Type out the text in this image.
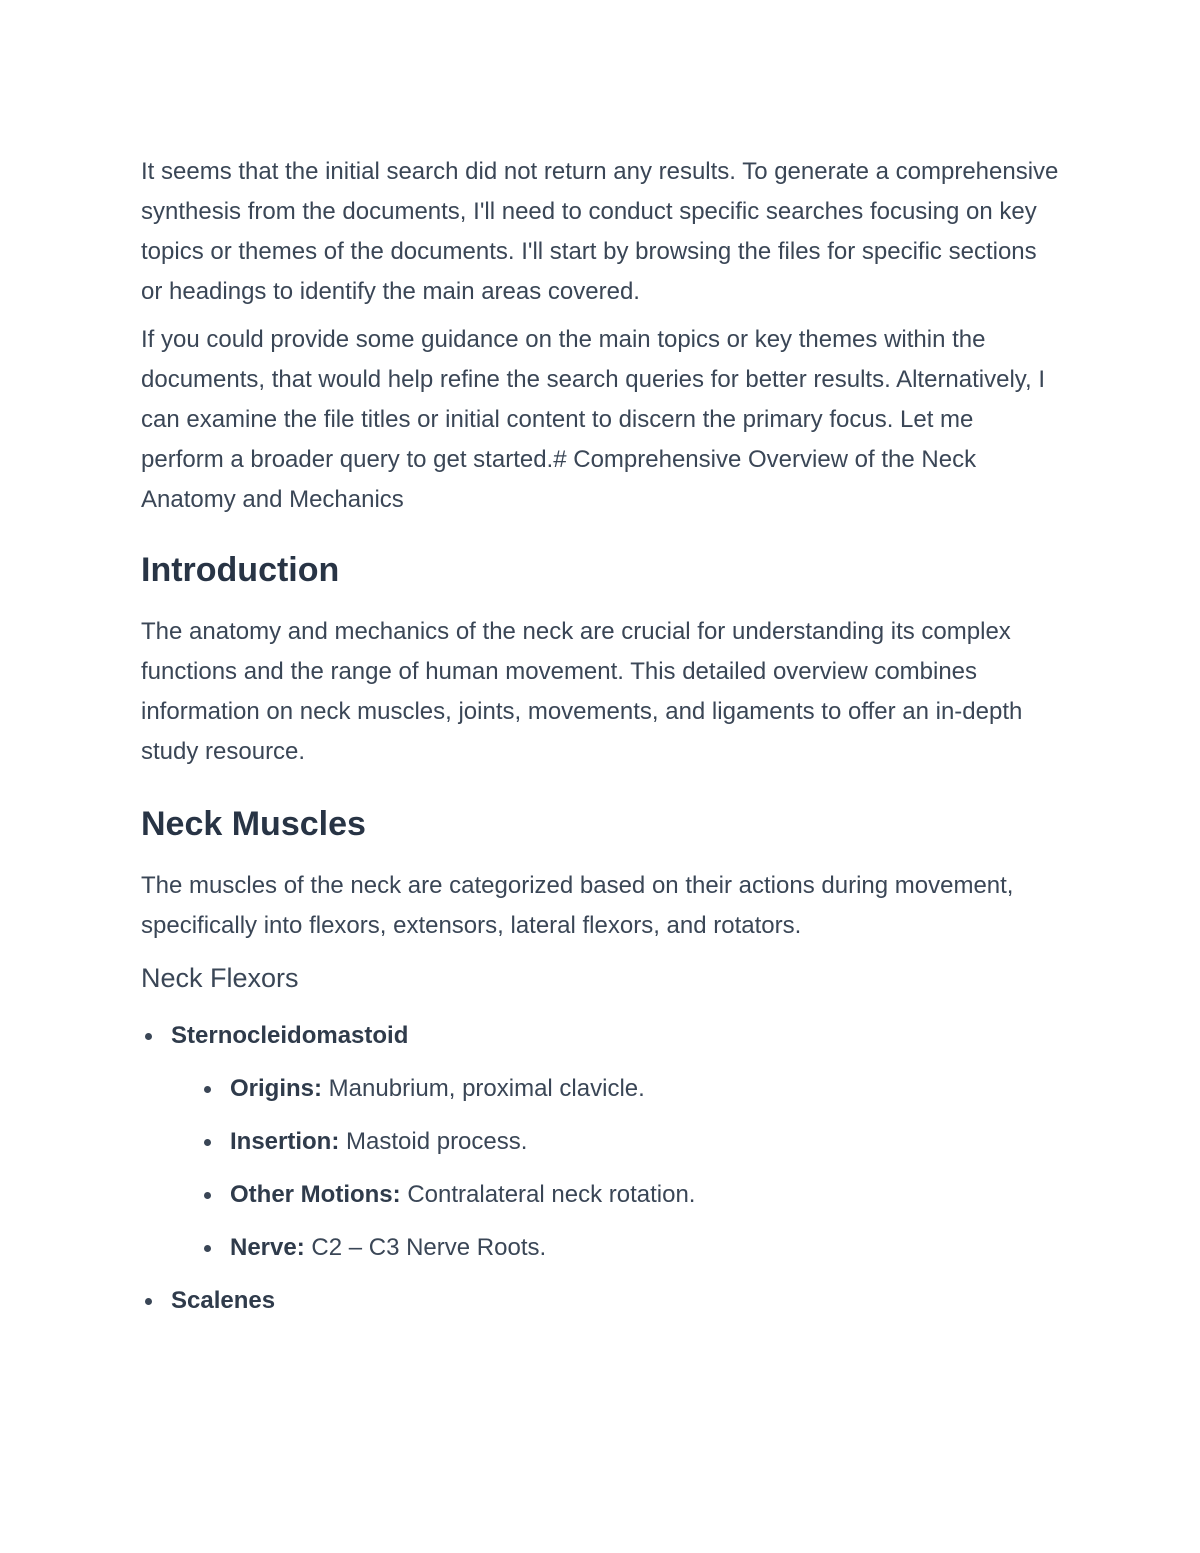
It seems that the initial search did not return any results. To generate a comprehensive synthesis from the documents, I'll need to conduct specific searches focusing on key topics or themes of the documents. I'll start by browsing the files for specific sections or headings to identify the main areas covered.

If you could provide some guidance on the main topics or key themes within the documents, that would help refine the search queries for better results. Alternatively, I can examine the file titles or initial content to discern the primary focus. Let me perform a broader query to get started.# Comprehensive Overview of the Neck Anatomy and Mechanics

Introduction

The anatomy and mechanics of the neck are crucial for understanding its complex functions and the range of human movement. This detailed overview combines information on neck muscles, joints, movements, and ligaments to offer an in-depth study resource.

Neck Muscles

The muscles of the neck are categorized based on their actions during movement, specifically into flexors, extensors, lateral flexors, and rotators.

Neck Flexors
Sternocleidomastoid
Origins: Manubrium, proximal clavicle.
Insertion: Mastoid process.
Other Motions: Contralateral neck rotation.
Nerve: C2 – C3 Nerve Roots.
Scalenes
